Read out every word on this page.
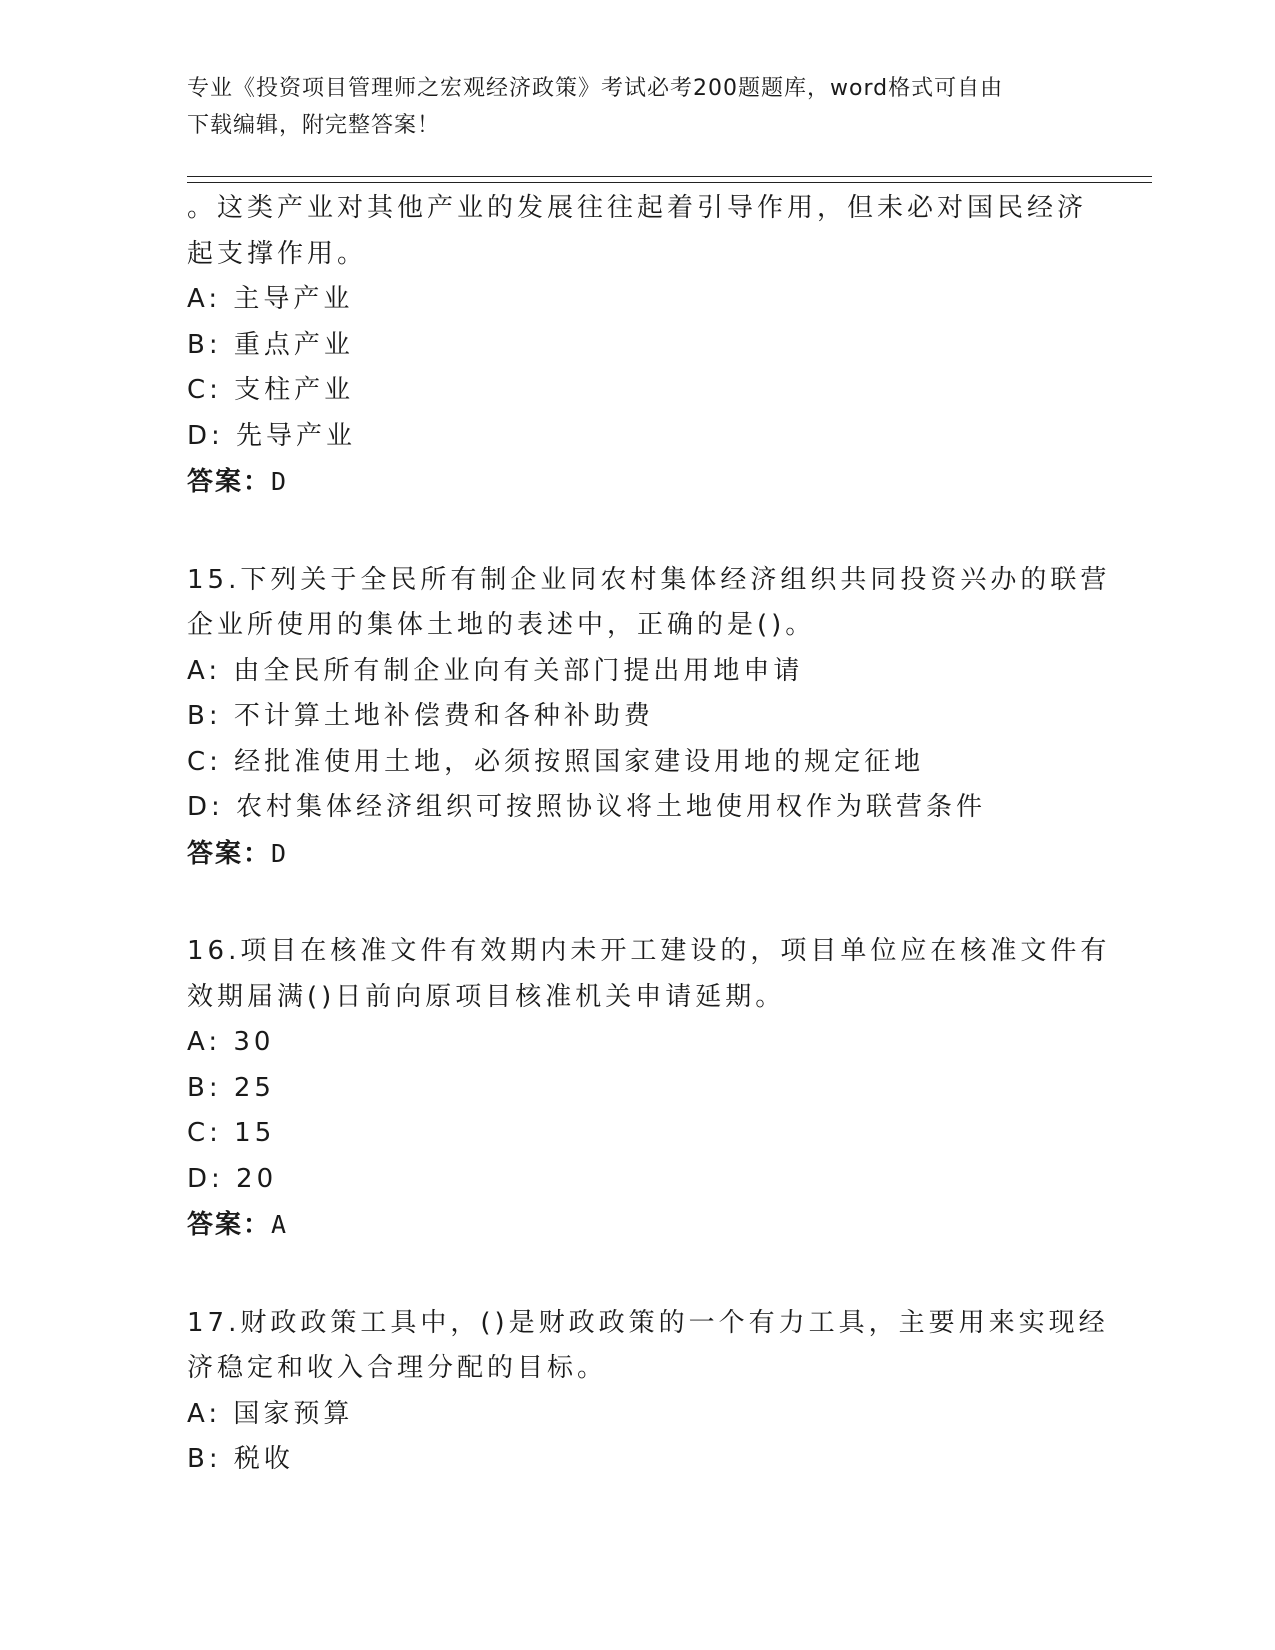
专业《投资项目管理师之宏观经济政策》考试必考200题题库，word格式可自由
下载编辑，附完整答案！
。这类产业对其他产业的发展往往起着引导作用，但未必对国民经济
起支撑作用。
A: 主导产业
B: 重点产业
C: 支柱产业
D: 先导产业
答案：D
15.下列关于全民所有制企业同农村集体经济组织共同投资兴办的联营
企业所使用的集体土地的表述中，正确的是()。
A: 由全民所有制企业向有关部门提出用地申请
B: 不计算土地补偿费和各种补助费
C: 经批准使用土地，必须按照国家建设用地的规定征地
D: 农村集体经济组织可按照协议将土地使用权作为联营条件
答案：D
16.项目在核准文件有效期内未开工建设的，项目单位应在核准文件有
效期届满()日前向原项目核准机关申请延期。
A: 30
B: 25
C: 15
D: 20
答案：A
17.财政政策工具中，()是财政政策的一个有力工具，主要用来实现经
济稳定和收入合理分配的目标。
A: 国家预算
B: 税收
